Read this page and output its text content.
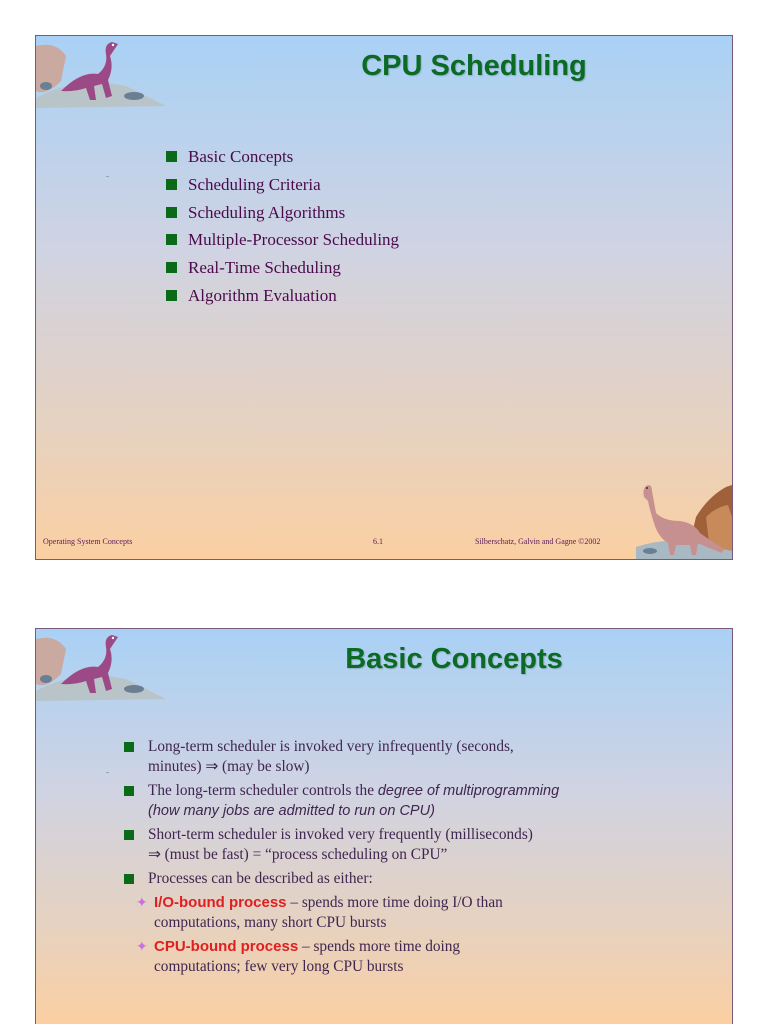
CPU Scheduling
Basic Concepts
Scheduling Criteria
Scheduling Algorithms
Multiple-Processor Scheduling
Real-Time Scheduling
Algorithm Evaluation
Operating System Concepts	6.1	Silberschatz, Galvin and Gagne ©2002
Basic Concepts
Long-term scheduler is invoked very infrequently (seconds,
minutes) ⇒ (may be slow)
The long-term scheduler controls the degree of multiprogramming
(how many jobs are admitted to run on CPU)
Short-term scheduler is invoked very frequently (milliseconds)
⇒ (must be fast) = “process scheduling on CPU”
Processes can be described as either:
✦ I/O-bound process – spends more time doing I/O than
computations, many short CPU bursts
✦ CPU-bound process – spends more time doing
computations; few very long CPU bursts
